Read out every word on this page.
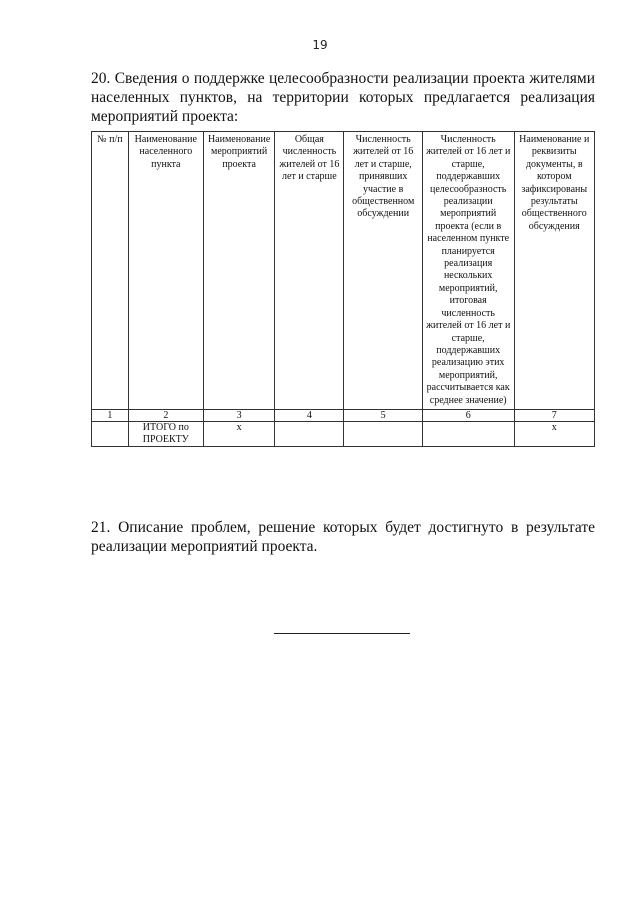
19

20. Сведения о поддержке целесообразности реализации проекта жителями населенных пунктов, на территории которых предлагается реализация мероприятий проекта:

№ п/п	Наименование населенного пункта	Наименование мероприятий проекта	Общая численность жителей от 16 лет и старше	Численность жителей от 16 лет и старше, принявших участие в общественном обсуждении	Численность жителей от 16 лет и старше, поддержавших целесообразность реализации мероприятий проекта (если в населенном пункте планируется реализация нескольких мероприятий, итоговая численность жителей от 16 лет и старше, поддержавших реализацию этих мероприятий, рассчитывается как среднее значение)	Наименование и реквизиты документы, в котором зафиксированы результаты общественного обсуждения
1	2	3	4	5	6	7
	ИТОГО по ПРОЕКТУ	x				x

21. Описание проблем, решение которых будет достигнуто в результате реализации мероприятий проекта.
